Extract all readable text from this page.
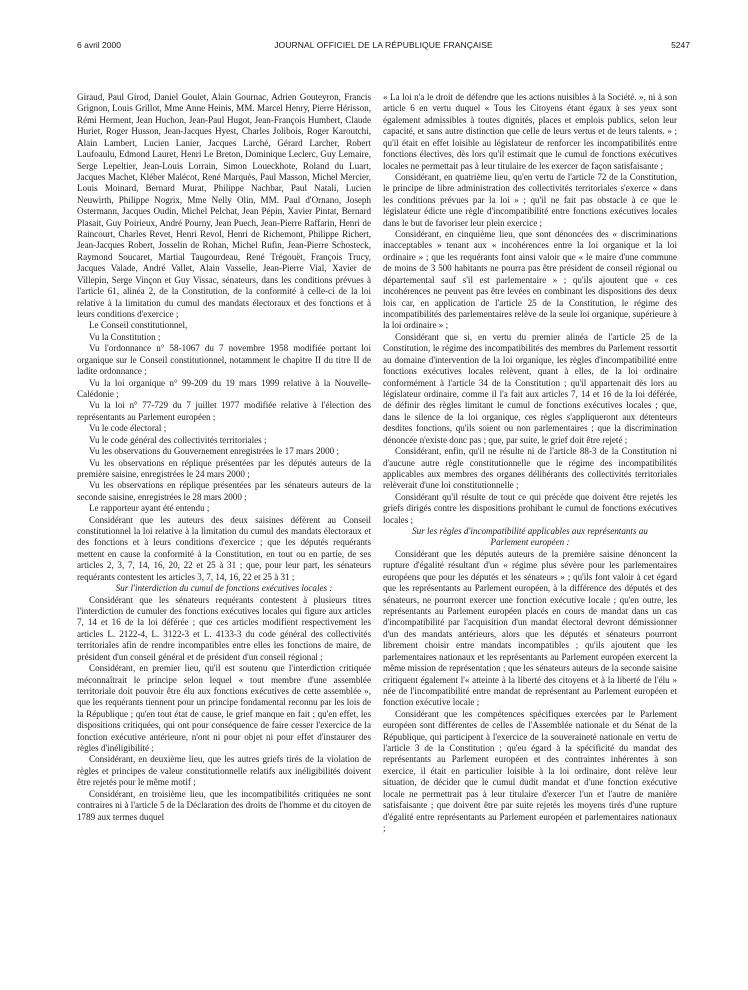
6 avril 2000	JOURNAL OFFICIEL DE LA RÉPUBLIQUE FRANÇAISE	5247

Giraud, Paul Girod, Daniel Goulet, Alain Gournac, Adrien Gouteyron, Francis Grignon, Louis Grillot, Mme Anne Heinis, MM. Marcel Henry, Pierre Hérisson, Rémi Herment, Jean Huchon, Jean-Paul Hugot, Jean-François Humbert, Claude Huriet, Roger Husson, Jean-Jacques Hyest, Charles Jolibois, Roger Karoutchi, Alain Lambert, Lucien Lanier, Jacques Larché, Gérard Larcher, Robert Laufoaulu, Edmond Lauret, Henri Le Breton, Dominique Leclerc, Guy Lemaire, Serge Lepeltier, Jean-Louis Lorrain, Simon Loueckhote, Roland du Luart, Jacques Machet, Kléber Malécot, René Marquès, Paul Masson, Michel Mercier, Louis Moinard, Bernard Murat, Philippe Nachbar, Paul Natali, Lucien Neuwirth, Philippe Nogrix, Mme Nelly Olin, MM. Paul d'Ornano, Joseph Ostermann, Jacques Oudin, Michel Pelchat, Jean Pépin, Xavier Pintat, Bernard Plasait, Guy Poirieux, André Pourny, Jean Puech, Jean-Pierre Raffarin, Henri de Raincourt, Charles Revet, Henri Revol, Henri de Richemont, Philippe Richert, Jean-Jacques Robert, Josselin de Rohan, Michel Rufin, Jean-Pierre Schosteck, Raymond Soucaret, Martial Taugourdeau, René Trégouët, François Trucy, Jacques Valade, André Vallet, Alain Vasselle, Jean-Pierre Vial, Xavier de Villepin, Serge Vinçon et Guy Vissac, sénateurs, dans les conditions prévues à l'article 61, alinéa 2, de la Constitution, de la conformité à celle-ci de la loi relative à la limitation du cumul des mandats électoraux et des fonctions et à leurs conditions d'exercice ;

Le Conseil constitutionnel,

Vu la Constitution ;

Vu l'ordonnance n° 58-1067 du 7 novembre 1958 modifiée portant loi organique sur le Conseil constitutionnel, notamment le chapitre II du titre II de ladite ordonnance ;

Vu la loi organique n° 99-209 du 19 mars 1999 relative à la Nouvelle-Calédonie ;

Vu la loi n° 77-729 du 7 juillet 1977 modifiée relative à l'élection des représentants au Parlement européen ;

Vu le code électoral ;

Vu le code général des collectivités territoriales ;

Vu les observations du Gouvernement enregistrées le 17 mars 2000 ;

Vu les observations en réplique présentées par les députés auteurs de la première saisine, enregistrées le 24 mars 2000 ;

Vu les observations en réplique présentées par les sénateurs auteurs de la seconde saisine, enregistrées le 28 mars 2000 ;

Le rapporteur ayant été entendu ;

Considérant que les auteurs des deux saisines défèrent au Conseil constitutionnel la loi relative à la limitation du cumul des mandats électoraux et des fonctions et à leurs conditions d'exercice ; que les députés requérants mettent en cause la conformité à la Constitution, en tout ou en partie, de ses articles 2, 3, 7, 14, 16, 20, 22 et 25 à 31 ; que, pour leur part, les sénateurs requérants contestent les articles 3, 7, 14, 16, 22 et 25 à 31 ;

Sur l'interdiction du cumul de fonctions exécutives locales :

Considérant que les sénateurs requérants contestent à plusieurs titres l'interdiction de cumuler des fonctions exécutives locales qui figure aux articles 7, 14 et 16 de la loi déférée ; que ces articles modifient respectivement les articles L. 2122-4, L. 3122-3 et L. 4133-3 du code général des collectivités territoriales afin de rendre incompatibles entre elles les fonctions de maire, de président d'un conseil général et de président d'un conseil régional ;

Considérant, en premier lieu, qu'il est soutenu que l'interdiction critiquée méconnaîtrait le principe selon lequel « tout membre d'une assemblée territoriale doit pouvoir être élu aux fonctions exécutives de cette assemblée », que les requérants tiennent pour un principe fondamental reconnu par les lois de la République ; qu'en tout état de cause, le grief manque en fait ; qu'en effet, les dispositions critiquées, qui ont pour conséquence de faire cesser l'exercice de la fonction exécutive antérieure, n'ont ni pour objet ni pour effet d'instaurer des règles d'inéligibilité ;

Considérant, en deuxième lieu, que les autres griefs tirés de la violation de règles et principes de valeur constitutionnelle relatifs aux inéligibilités doivent être rejetés pour le même motif ;

Considérant, en troisième lieu, que les incompatibilités critiquées ne sont contraires ni à l'article 5 de la Déclaration des droits de l'homme et du citoyen de 1789 aux termes duquel

« La loi n'a le droit de défendre que les actions nuisibles à la Société. », ni à son article 6 en vertu duquel « Tous les Citoyens étant égaux à ses yeux sont également admissibles à toutes dignités, places et emplois publics, selon leur capacité, et sans autre distinction que celle de leurs vertus et de leurs talents. » ; qu'il était en effet loisible au législateur de renforcer les incompatibilités entre fonctions électives, dès lors qu'il estimait que le cumul de fonctions exécutives locales ne permettait pas à leur titulaire de les exercer de façon satisfaisante ;

Considérant, en quatrième lieu, qu'en vertu de l'article 72 de la Constitution, le principe de libre administration des collectivités territoriales s'exerce « dans les conditions prévues par la loi » ; qu'il ne fait pas obstacle à ce que le législateur édicte une règle d'incompatibilité entre fonctions exécutives locales dans le but de favoriser leur plein exercice ;

Considérant, en cinquième lieu, que sont dénoncées des « discriminations inacceptables » tenant aux « incohérences entre la loi organique et la loi ordinaire » ; que les requérants font ainsi valoir que « le maire d'une commune de moins de 3 500 habitants ne pourra pas être président de conseil régional ou départemental sauf s'il est parlementaire » ; qu'ils ajoutent que « ces incohérences ne peuvent pas être levées en combinant les dispositions des deux lois car, en application de l'article 25 de la Constitution, le régime des incompatibilités des parlementaires relève de la seule loi organique, supérieure à la loi ordinaire » ;

Considérant que si, en vertu du premier alinéa de l'article 25 de la Constitution, le régime des incompatibilités des membres du Parlement ressortit au domaine d'intervention de la loi organique, les règles d'incompatibilité entre fonctions exécutives locales relèvent, quant à elles, de la loi ordinaire conformément à l'article 34 de la Constitution ; qu'il appartenait dès lors au législateur ordinaire, comme il l'a fait aux articles 7, 14 et 16 de la loi déférée, de définir des règles limitant le cumul de fonctions exécutives locales ; que, dans le silence de la loi organique, ces règles s'appliqueront aux détenteurs desdites fonctions, qu'ils soient ou non parlementaires ; que la discrimination dénoncée n'existe donc pas ; que, par suite, le grief doit être rejeté ;

Considérant, enfin, qu'il ne résulte ni de l'article 88-3 de la Constitution ni d'aucune autre règle constitutionnelle que le régime des incompatibilités applicables aux membres des organes délibérants des collectivités territoriales relèverait d'une loi constitutionnelle ;

Considérant qu'il résulte de tout ce qui précède que doivent être rejetés les griefs dirigés contre les dispositions prohibant le cumul de fonctions exécutives locales ;

Sur les règles d'incompatibilité applicables aux représentants au Parlement européen :

Considérant que les députés auteurs de la première saisine dénoncent la rupture d'égalité résultant d'un « régime plus sévère pour les parlementaires européens que pour les députés et les sénateurs » ; qu'ils font valoir à cet égard que les représentants au Parlement européen, à la différence des députés et des sénateurs, ne pourront exercer une fonction exécutive locale ; qu'en outre, les représentants au Parlement européen placés en cours de mandat dans un cas d'incompatibilité par l'acquisition d'un mandat électoral devront démissionner d'un des mandats antérieurs, alors que les députés et sénateurs pourront librement choisir entre mandats incompatibles ; qu'ils ajoutent que les parlementaires nationaux et les représentants au Parlement européen exercent la même mission de représentation ; que les sénateurs auteurs de la seconde saisine critiquent également l'« atteinte à la liberté des citoyens et à la liberté de l'élu » née de l'incompatibilité entre mandat de représentant au Parlement européen et fonction exécutive locale ;

Considérant que les compétences spécifiques exercées par le Parlement européen sont différentes de celles de l'Assemblée nationale et du Sénat de la République, qui participent à l'exercice de la souveraineté nationale en vertu de l'article 3 de la Constitution ; qu'eu égard à la spécificité du mandat des représentants au Parlement européen et des contraintes inhérentes à son exercice, il était en particulier loisible à la loi ordinaire, dont relève leur situation, de décider que le cumul dudit mandat et d'une fonction exécutive locale ne permettrait pas à leur titulaire d'exercer l'un et l'autre de manière satisfaisante ; que doivent être par suite rejetés les moyens tirés d'une rupture d'égalité entre représentants au Parlement européen et parlementaires nationaux ;
